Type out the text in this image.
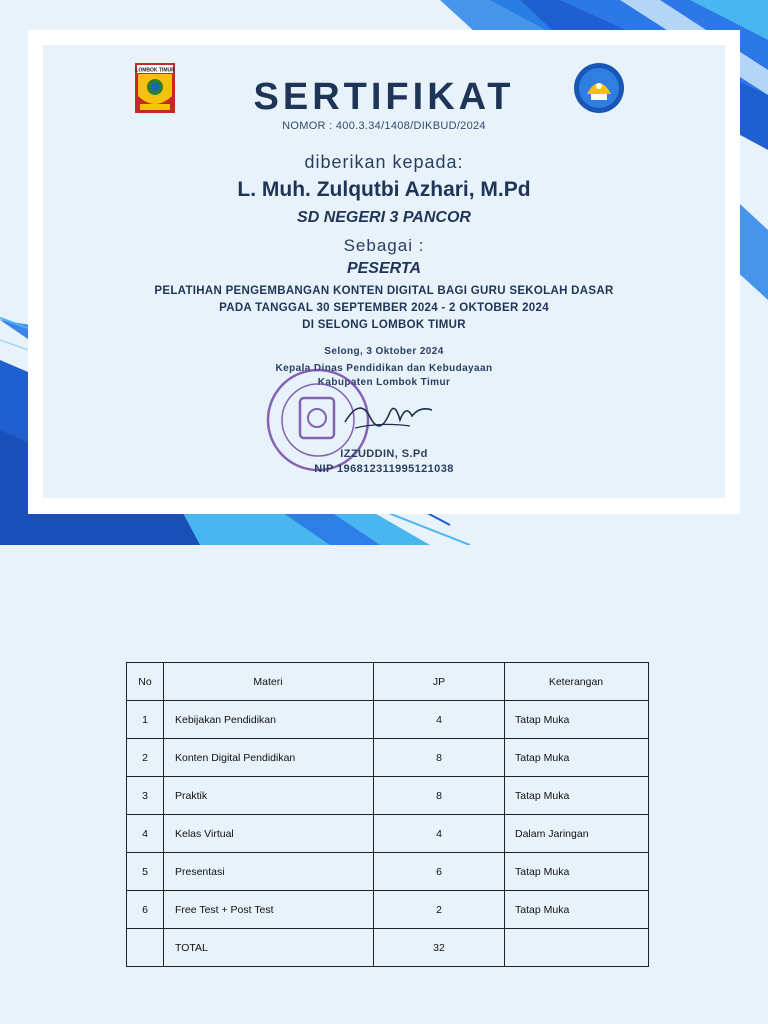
LOMBOK TIMUR
SERTIFIKAT
NOMOR : 400.3.34/1408/DIKBUD/2024
diberikan kepada:
L. Muh. Zulqutbi Azhari, M.Pd
SD NEGERI 3 PANCOR
Sebagai :
PESERTA
PELATIHAN PENGEMBANGAN KONTEN DIGITAL BAGI GURU SEKOLAH DASAR
PADA TANGGAL 30 SEPTEMBER 2024 - 2 OKTOBER 2024
DI SELONG LOMBOK TIMUR
Selong, 3 Oktober 2024
Kepala Dinas Pendidikan dan Kebudayaan
Kabupaten Lombok Timur
IZZUDDIN, S.Pd
NIP 196812311995121038
No	Materi	JP	Keterangan
1	Kebijakan Pendidikan	4	Tatap Muka
2	Konten Digital Pendidikan	8	Tatap Muka
3	Praktik	8	Tatap Muka
4	Kelas Virtual	4	Dalam Jaringan
5	Presentasi	6	Tatap Muka
6	Free Test + Post Test	2	Tatap Muka
	TOTAL	32	
